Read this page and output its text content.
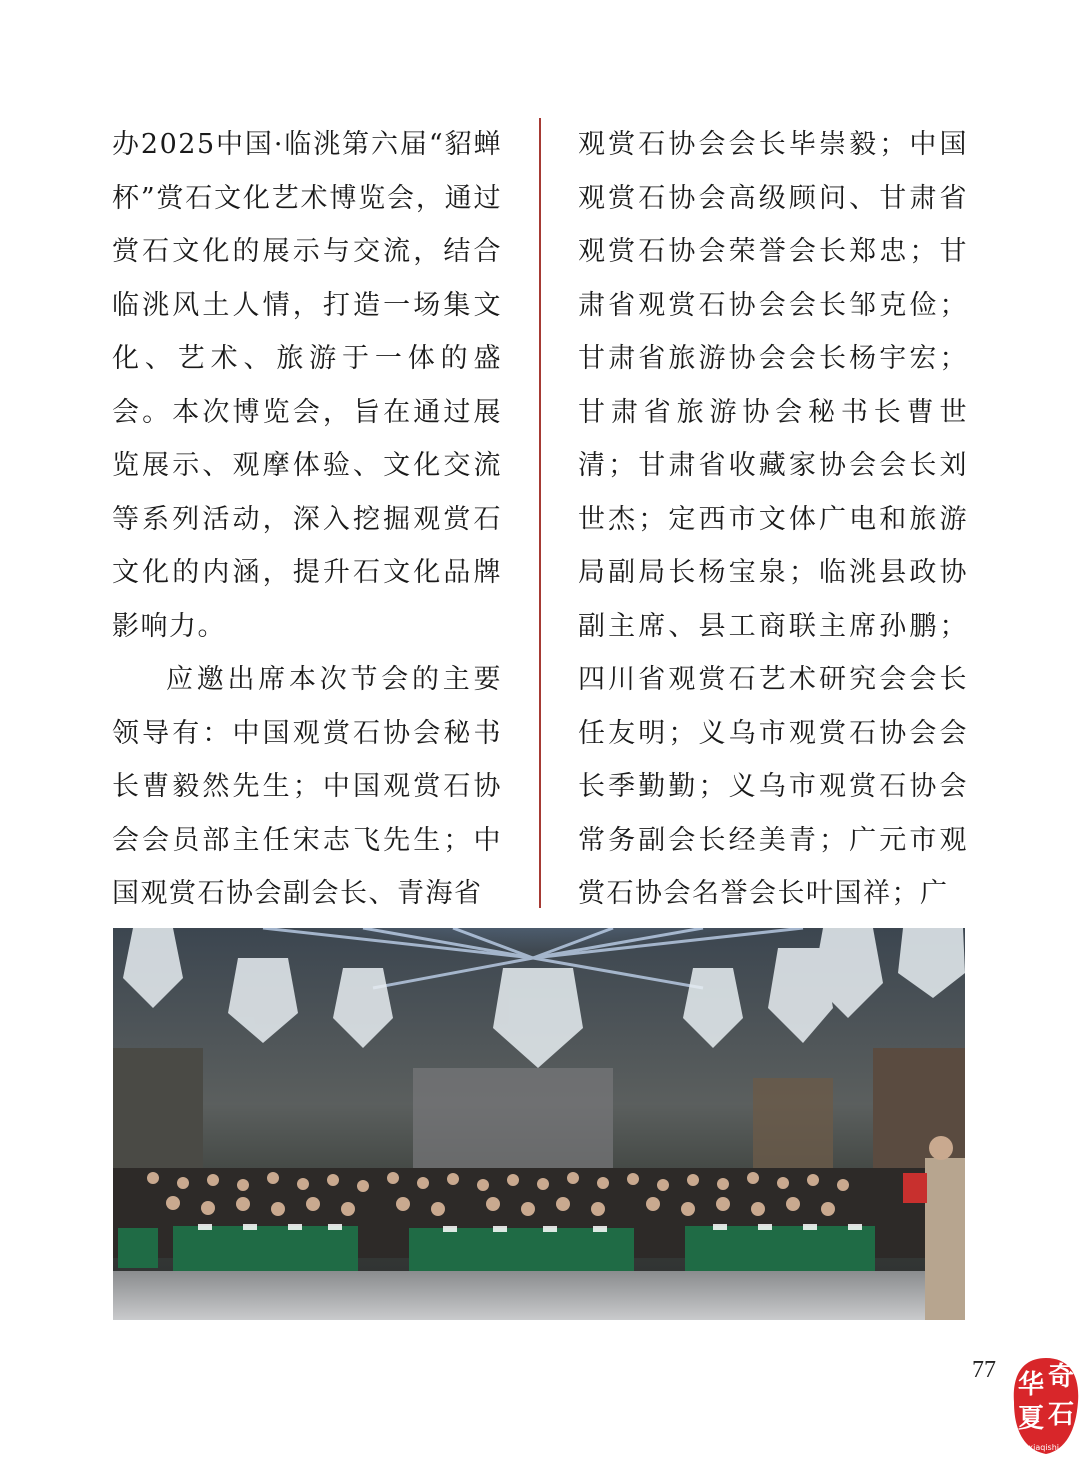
办2025中国·临洮第六届“貂蝉杯”赏石文化艺术博览会，通过赏石文化的展示与交流，结合临洮风土人情，打造一场集文化、艺术、旅游于一体的盛会。本次博览会，旨在通过展览展示、观摩体验、文化交流等系列活动，深入挖掘观赏石文化的内涵，提升石文化品牌影响力。

应邀出席本次节会的主要领导有：中国观赏石协会秘书长曹毅然先生；中国观赏石协会会员部主任宋志飞先生；中国观赏石协会副会长、青海省

观赏石协会会长毕崇毅；中国观赏石协会高级顾问、甘肃省观赏石协会荣誉会长郑忠；甘肃省观赏石协会会长邹克俭；甘肃省旅游协会会长杨宇宏；甘肃省旅游协会秘书长曹世清；甘肃省收藏家协会会长刘世杰；定西市文体广电和旅游局副局长杨宝泉；临洮县政协副主席、县工商联主席孙鹏；四川省观赏石艺术研究会会长任友明；义乌市观赏石协会会长季勤勤；义乌市观赏石协会常务副会长经美青；广元市观赏石协会名誉会长叶国祥；广

77 华 奇
夏 石
huaxiaqishi.com
